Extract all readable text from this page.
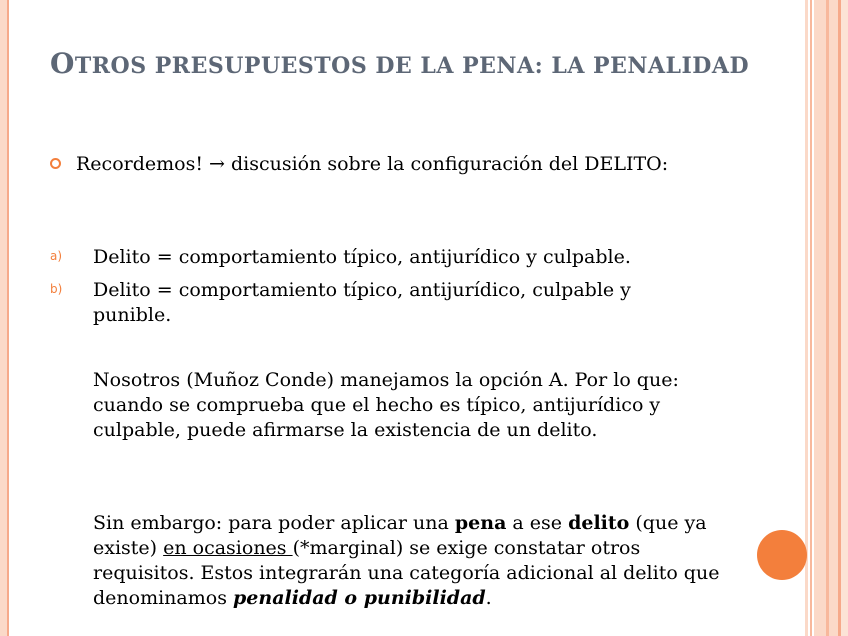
OTROS PRESUPUESTOS DE LA PENA: LA PENALIDAD
Recordemos! → discusión sobre la configuración del DELITO:
a) Delito = comportamiento típico, antijurídico y culpable.
b) Delito = comportamiento típico, antijurídico, culpable y punible.
Nosotros (Muñoz Conde) manejamos la opción A. Por lo que: cuando se comprueba que el hecho es típico, antijurídico y culpable, puede afirmarse la existencia de un delito.
Sin embargo: para poder aplicar una pena a ese delito (que ya existe) en ocasiones (*marginal) se exige constatar otros requisitos. Estos integrarán una categoría adicional al delito que denominamos penalidad o punibilidad.
